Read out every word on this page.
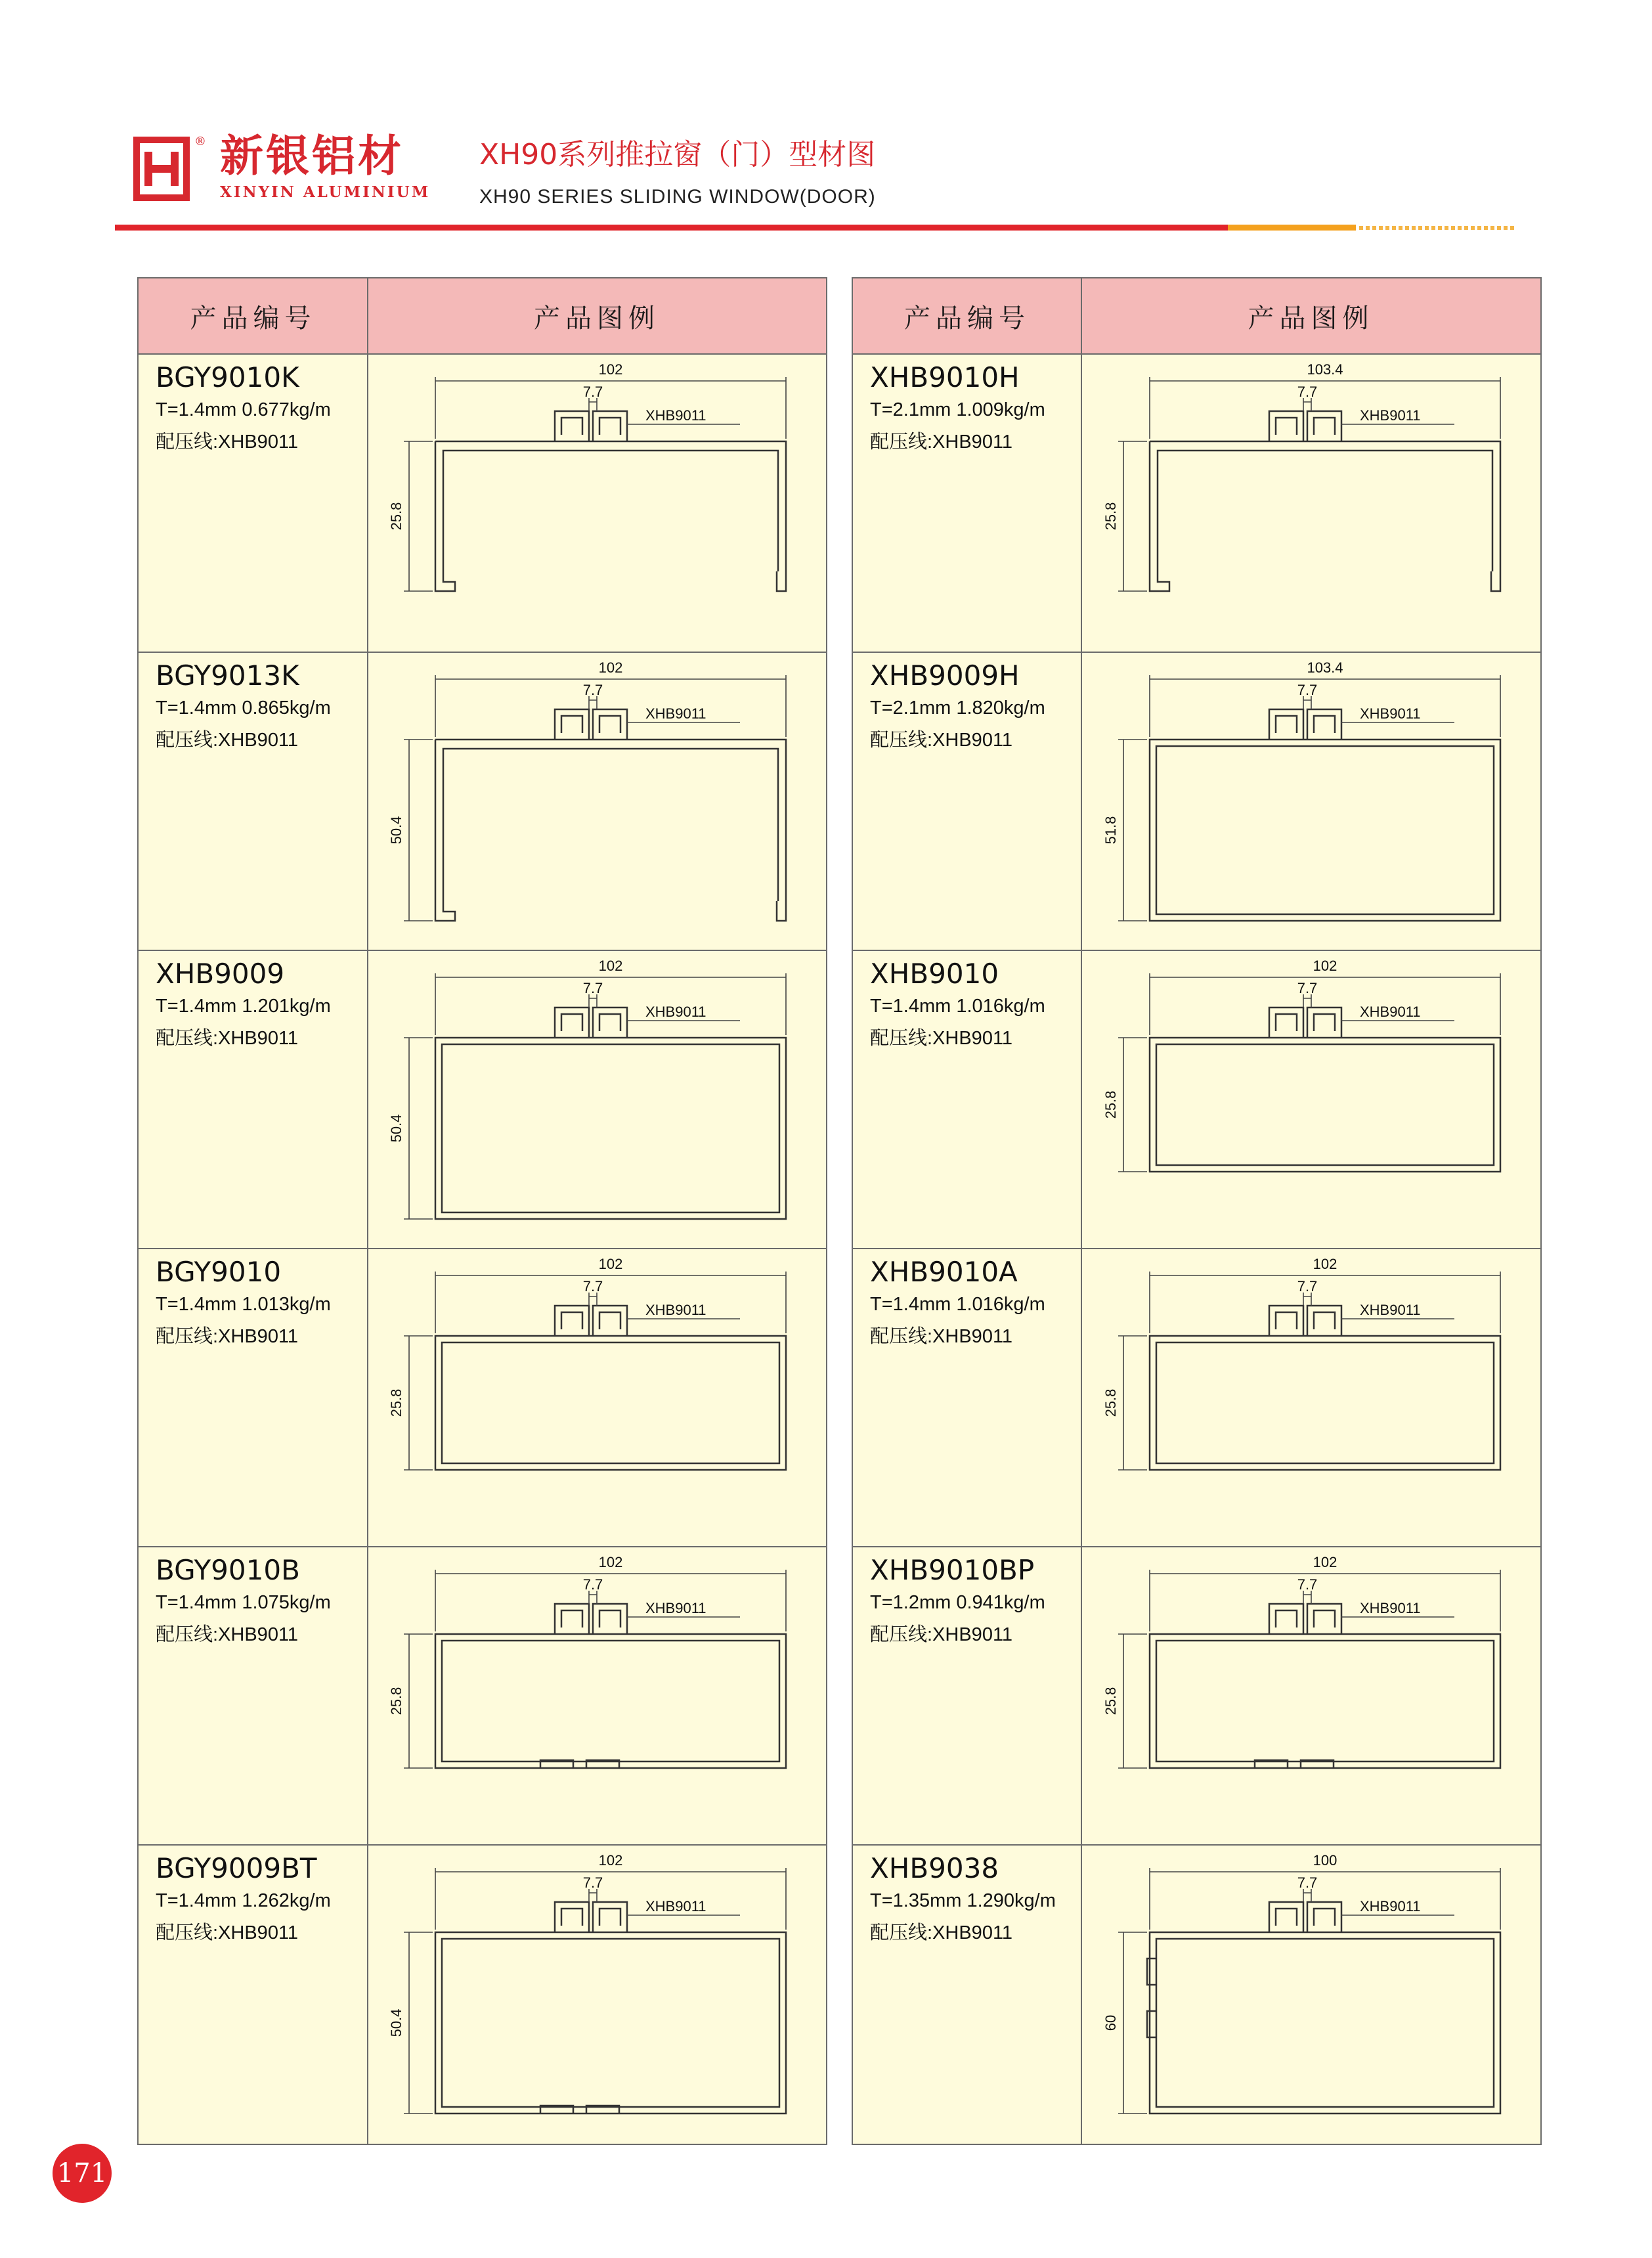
® 新银铝材
XINYIN ALUMINIUM
XH90系列推拉窗（门）型材图
XH90 SERIES SLIDING WINDOW(DOOR)
产品编号	产品图例
BGY9010K
T=1.4mm 0.677kg/m
配压线:XHB9011
102
7.7
XHB9011
25.8
BGY9013K
T=1.4mm 0.865kg/m
配压线:XHB9011
102
7.7
XHB9011
50.4
XHB9009
T=1.4mm 1.201kg/m
配压线:XHB9011
102
7.7
XHB9011
50.4
BGY9010
T=1.4mm 1.013kg/m
配压线:XHB9011
102
7.7
XHB9011
25.8
BGY9010B
T=1.4mm 1.075kg/m
配压线:XHB9011
102
7.7
XHB9011
25.8
BGY9009BT
T=1.4mm 1.262kg/m
配压线:XHB9011
102
7.7
XHB9011
50.4
产品编号	产品图例
XHB9010H
T=2.1mm 1.009kg/m
配压线:XHB9011
103.4
7.7
XHB9011
25.8
XHB9009H
T=2.1mm 1.820kg/m
配压线:XHB9011
103.4
7.7
XHB9011
51.8
XHB9010
T=1.4mm 1.016kg/m
配压线:XHB9011
102
7.7
XHB9011
25.8
XHB9010A
T=1.4mm 1.016kg/m
配压线:XHB9011
102
7.7
XHB9011
25.8
XHB9010BP
T=1.2mm 0.941kg/m
配压线:XHB9011
102
7.7
XHB9011
25.8
XHB9038
T=1.35mm 1.290kg/m
配压线:XHB9011
100
7.7
XHB9011
60
171
